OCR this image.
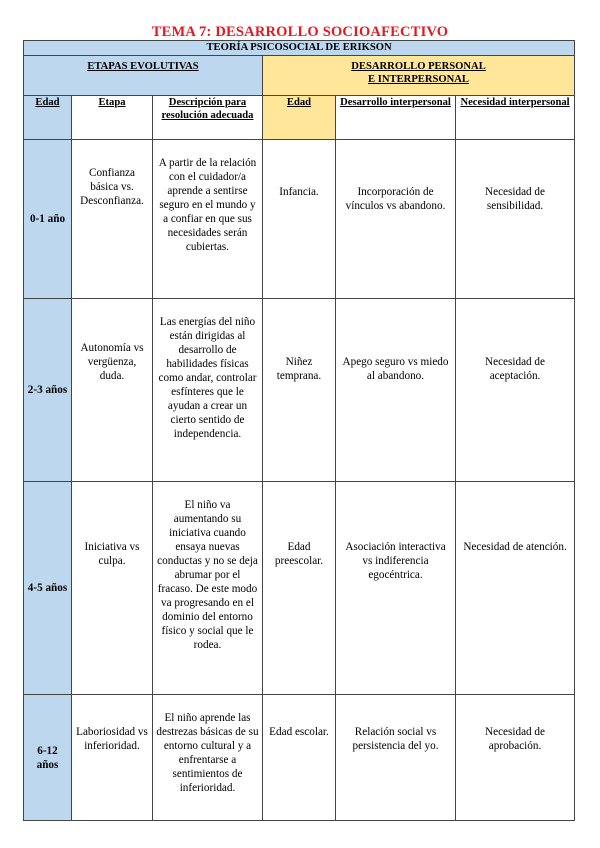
TEMA 7: DESARROLLO SOCIOAFECTIVO
TEORÍA PSICOSOCIAL DE ERIKSON					
ETAPAS EVOLUTIVAS			DESARROLLO PERSONAL
E INTERPERSONAL		
Edad	Etapa	Descripción para resolución adecuada	Edad	Desarrollo interpersonal	Necesidad interpersonal
0-1 año	Confianza básica vs. Desconfianza.	A partir de la relación con el cuidador/a aprende a sentirse seguro en el mundo y a confiar en que sus necesidades serán cubiertas.	Infancia.	Incorporación de vínculos vs abandono.	Necesidad de sensibilidad.
2-3 años	Autonomía vs vergüenza, duda.	Las energías del niño están dirigidas al desarrollo de habilidades físicas como andar, controlar esfínteres que le ayudan a crear un cierto sentido de independencia.	Niñez temprana.	Apego seguro vs miedo al abandono.	Necesidad de aceptación.
4-5 años	Iniciativa vs culpa.	El niño va aumentando su iniciativa cuando ensaya nuevas conductas y no se deja abrumar por el fracaso. De este modo va progresando en el dominio del entorno físico y social que le rodea.	Edad preescolar.	Asociación interactiva vs indiferencia egocéntrica.	Necesidad de atención.
6-12 años	Laboriosidad vs inferioridad.	El niño aprende las destrezas básicas de su entorno cultural y a enfrentarse a sentimientos de inferioridad.	Edad escolar.	Relación social vs persistencia del yo.	Necesidad de aprobación.
